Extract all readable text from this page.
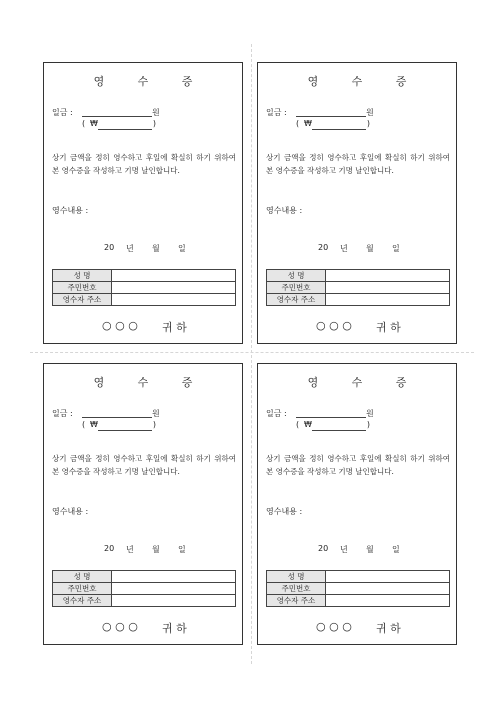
영 수 증
일금 :	원
( ₩	)
상기 금액을 정히 영수하고 후일에 확실히 하기 위하여 본 영수증을 작성하고 기명 날인합니다.
영수내용 :
20 년 월 일
성 명	
주민번호	
영수자 주소	
○ ○ ○ 귀 하
영 수 증
일금 :	원
( ₩	)
상기 금액을 정히 영수하고 후일에 확실히 하기 위하여 본 영수증을 작성하고 기명 날인합니다.
영수내용 :
20 년 월 일
성 명	
주민번호	
영수자 주소	
○ ○ ○ 귀 하
영 수 증
일금 :	원
( ₩	)
상기 금액을 정히 영수하고 후일에 확실히 하기 위하여 본 영수증을 작성하고 기명 날인합니다.
영수내용 :
20 년 월 일
성 명	
주민번호	
영수자 주소	
○ ○ ○ 귀 하
영 수 증
일금 :	원
( ₩	)
상기 금액을 정히 영수하고 후일에 확실히 하기 위하여 본 영수증을 작성하고 기명 날인합니다.
영수내용 :
20 년 월 일
성 명	
주민번호	
영수자 주소	
○ ○ ○ 귀 하
